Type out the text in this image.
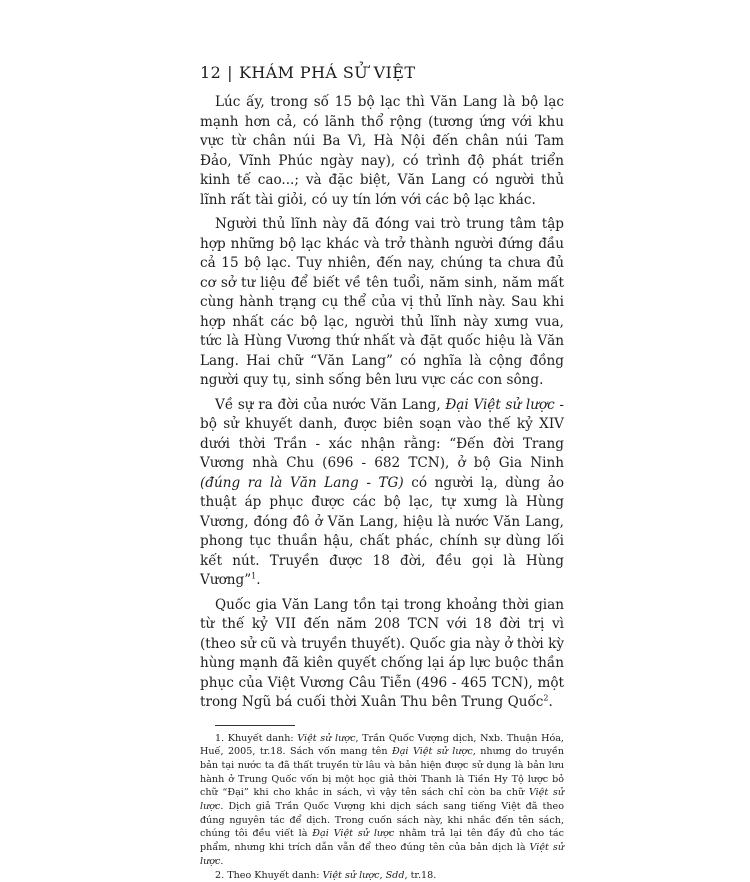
12 | KHÁM PHÁ SỬ VIỆT

Lúc ấy, trong số 15 bộ lạc thì Văn Lang là bộ lạc mạnh hơn cả, có lãnh thổ rộng (tương ứng với khu vực từ chân núi Ba Vì, Hà Nội đến chân núi Tam Đảo, Vĩnh Phúc ngày nay), có trình độ phát triển kinh tế cao...; và đặc biệt, Văn Lang có người thủ lĩnh rất tài giỏi, có uy tín lớn với các bộ lạc khác.

Người thủ lĩnh này đã đóng vai trò trung tâm tập hợp những bộ lạc khác và trở thành người đứng đầu cả 15 bộ lạc. Tuy nhiên, đến nay, chúng ta chưa đủ cơ sở tư liệu để biết về tên tuổi, năm sinh, năm mất cùng hành trạng cụ thể của vị thủ lĩnh này. Sau khi hợp nhất các bộ lạc, người thủ lĩnh này xưng vua, tức là Hùng Vương thứ nhất và đặt quốc hiệu là Văn Lang. Hai chữ “Văn Lang” có nghĩa là cộng đồng người quy tụ, sinh sống bên lưu vực các con sông.

Về sự ra đời của nước Văn Lang, Đại Việt sử lược - bộ sử khuyết danh, được biên soạn vào thế kỷ XIV dưới thời Trần - xác nhận rằng: “Đến đời Trang Vương nhà Chu (696 - 682 TCN), ở bộ Gia Ninh (đúng ra là Văn Lang - TG) có người lạ, dùng ảo thuật áp phục được các bộ lạc, tự xưng là Hùng Vương, đóng đô ở Văn Lang, hiệu là nước Văn Lang, phong tục thuần hậu, chất phác, chính sự dùng lối kết nút. Truyền được 18 đời, đều gọi là Hùng Vương”$^1$.

Quốc gia Văn Lang tồn tại trong khoảng thời gian từ thế kỷ VII đến năm 208 TCN với 18 đời trị vì (theo sử cũ và truyền thuyết). Quốc gia này ở thời kỳ hùng mạnh đã kiên quyết chống lại áp lực buộc thần phục của Việt Vương Câu Tiễn (496 - 465 TCN), một trong Ngũ bá cuối thời Xuân Thu bên Trung Quốc$^2$.

1. Khuyết danh: Việt sử lược, Trần Quốc Vượng dịch, Nxb. Thuận Hóa, Huế, 2005, tr.18. Sách vốn mang tên Đại Việt sử lược, nhưng do truyền bản tại nước ta đã thất truyền từ lâu và bản hiện được sử dụng là bản lưu hành ở Trung Quốc vốn bị một học giả thời Thanh là Tiền Hy Tộ lược bỏ chữ “Đại” khi cho khắc in sách, vì vậy tên sách chỉ còn ba chữ Việt sử lược. Dịch giả Trần Quốc Vượng khi dịch sách sang tiếng Việt đã theo đúng nguyên tác để dịch. Trong cuốn sách này, khi nhắc đến tên sách, chúng tôi đều viết là Đại Việt sử lược nhằm trả lại tên đầy đủ cho tác phẩm, nhưng khi trích dẫn vẫn để theo đúng tên của bản dịch là Việt sử lược.

2. Theo Khuyết danh: Việt sử lược, Sdd, tr.18.
